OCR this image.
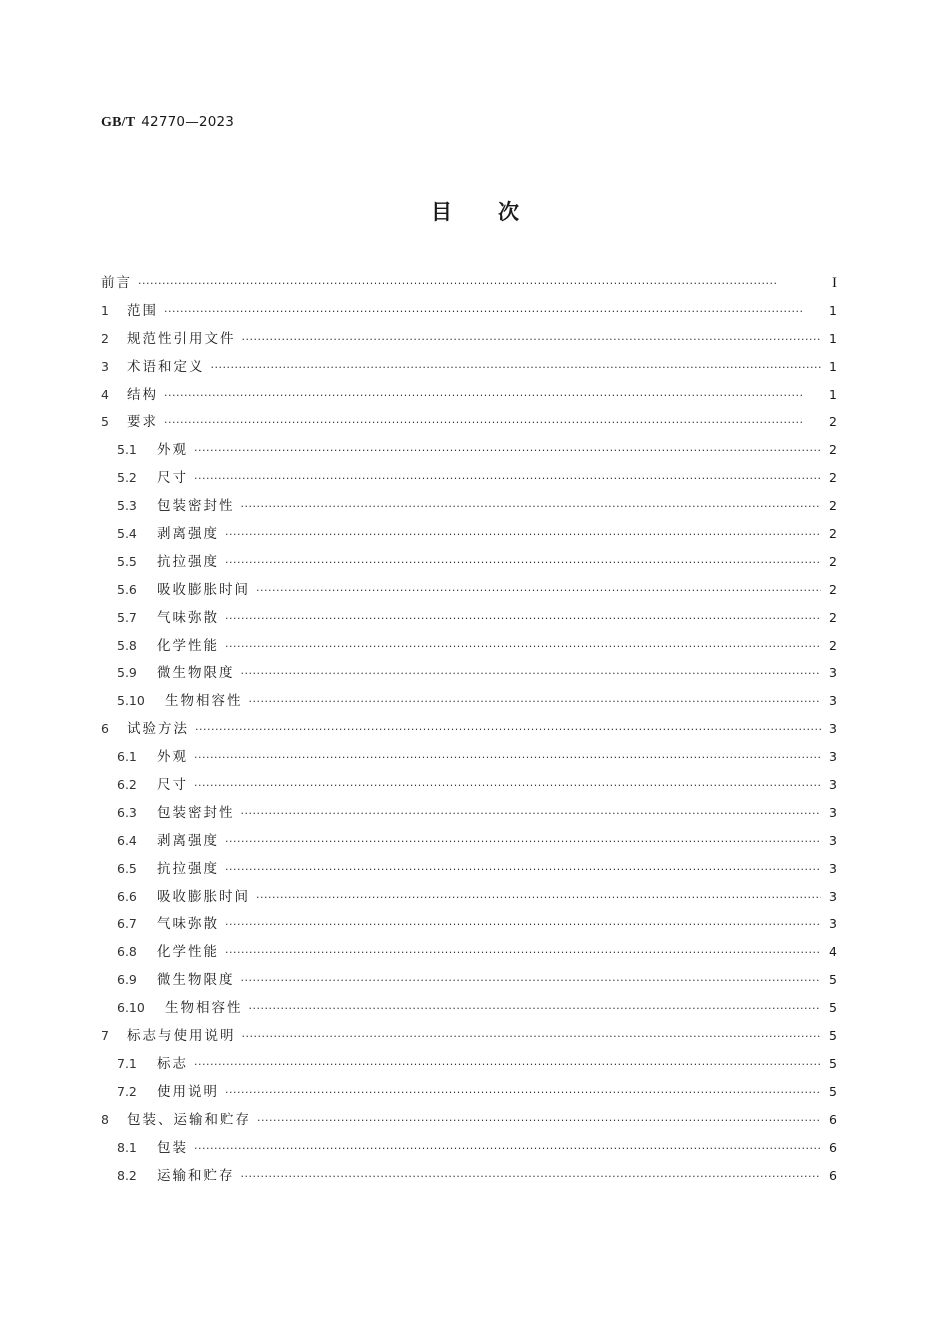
GB/T 42770—2023
目次
前言 ·····	I
1	范围 ·····	1
2	规范性引用文件 ·····	1
3	术语和定义 ·····	1
4	结构 ·····	1
5	要求 ·····	2
5.1	外观 ·····	2
5.2	尺寸 ·····	2
5.3	包装密封性 ·····	2
5.4	剥离强度 ·····	2
5.5	抗拉强度 ·····	2
5.6	吸收膨胀时间 ·····	2
5.7	气味弥散 ·····	2
5.8	化学性能 ·····	2
5.9	微生物限度 ·····	3
5.10	生物相容性 ·····	3
6	试验方法 ·····	3
6.1	外观 ·····	3
6.2	尺寸 ·····	3
6.3	包装密封性 ·····	3
6.4	剥离强度 ·····	3
6.5	抗拉强度 ·····	3
6.6	吸收膨胀时间 ·····	3
6.7	气味弥散 ·····	3
6.8	化学性能 ·····	4
6.9	微生物限度 ·····	5
6.10	生物相容性 ·····	5
7	标志与使用说明 ·····	5
7.1	标志 ·····	5
7.2	使用说明 ·····	5
8	包装、运输和贮存 ·····	6
8.1	包装 ·····	6
8.2	运输和贮存 ·····	6
